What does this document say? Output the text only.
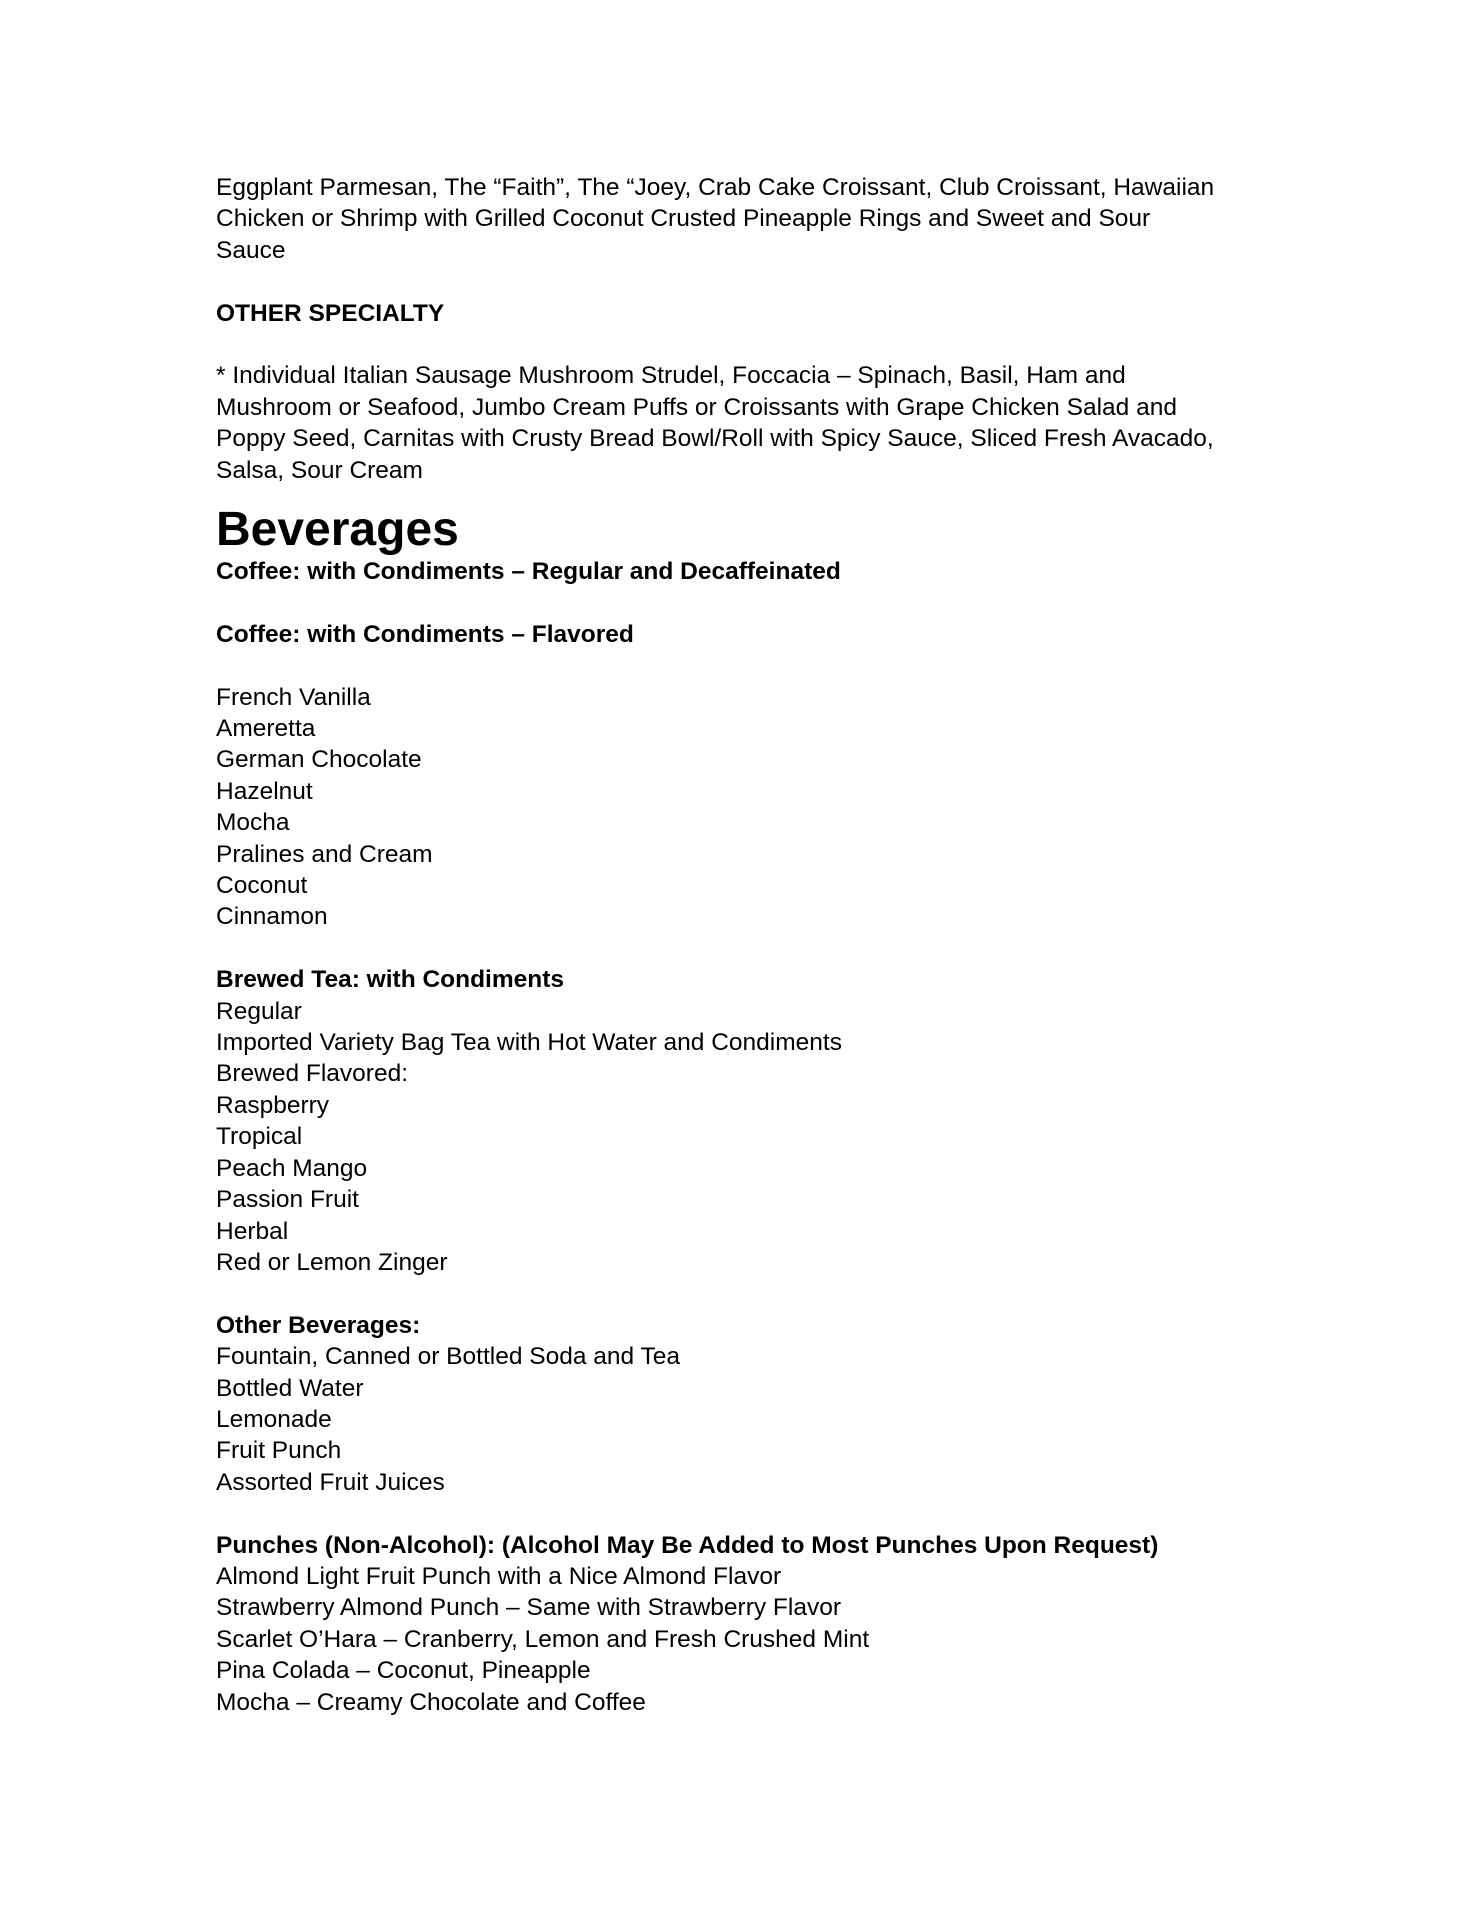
Eggplant Parmesan, The “Faith”, The “Joey, Crab Cake Croissant, Club Croissant, Hawaiian
Chicken or Shrimp with Grilled Coconut Crusted Pineapple Rings and Sweet and Sour
Sauce
OTHER SPECIALTY
* Individual Italian Sausage Mushroom Strudel, Foccacia – Spinach, Basil, Ham and
Mushroom or Seafood, Jumbo Cream Puffs or Croissants with Grape Chicken Salad and
Poppy Seed, Carnitas with Crusty Bread Bowl/Roll with Spicy Sauce, Sliced Fresh Avacado,
Salsa, Sour Cream
Beverages
Coffee: with Condiments – Regular and Decaffeinated
Coffee: with Condiments – Flavored
French Vanilla
Ameretta
German Chocolate
Hazelnut
Mocha
Pralines and Cream
Coconut
Cinnamon
Brewed Tea: with Condiments
Regular
Imported Variety Bag Tea with Hot Water and Condiments
Brewed Flavored:
Raspberry
Tropical
Peach Mango
Passion Fruit
Herbal
Red or Lemon Zinger
Other Beverages:
Fountain, Canned or Bottled Soda and Tea
Bottled Water
Lemonade
Fruit Punch
Assorted Fruit Juices
Punches (Non-Alcohol): (Alcohol May Be Added to Most Punches Upon Request)
Almond Light Fruit Punch with a Nice Almond Flavor
Strawberry Almond Punch – Same with Strawberry Flavor
Scarlet O’Hara – Cranberry, Lemon and Fresh Crushed Mint
Pina Colada – Coconut, Pineapple
Mocha – Creamy Chocolate and Coffee
